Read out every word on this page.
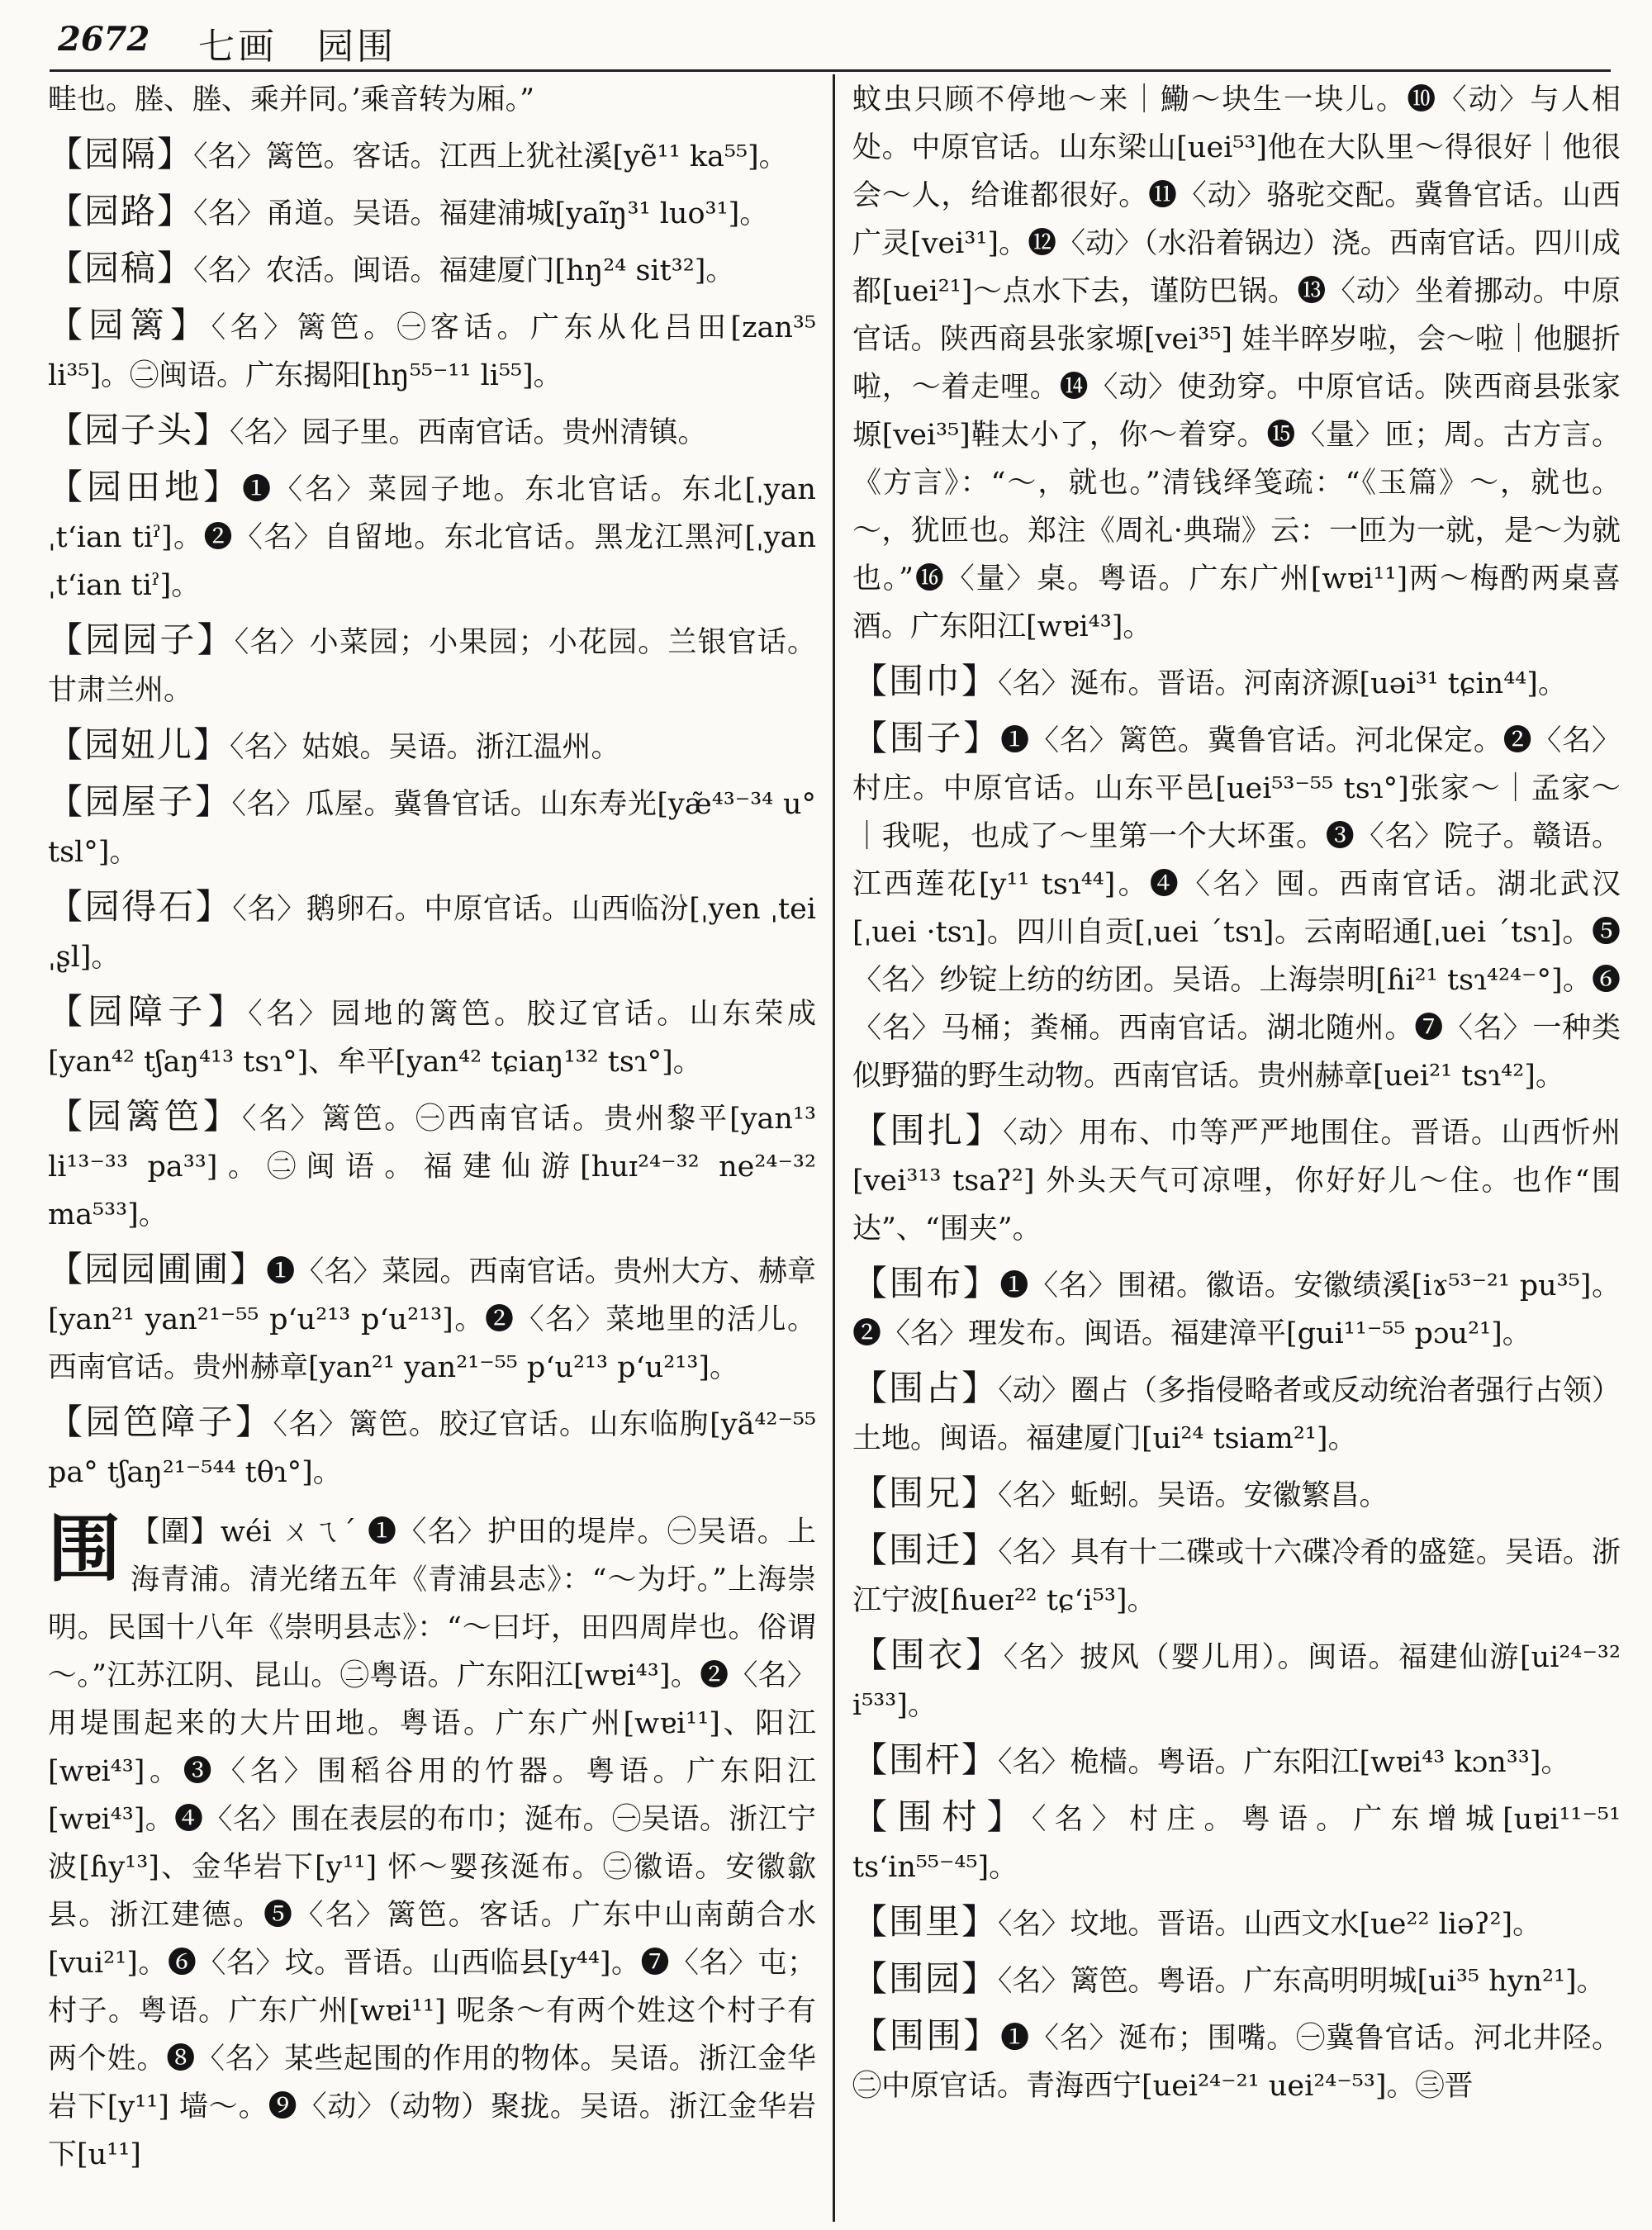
2672 七画　园围
畦也。塍、塍、乘并同。’乘音转为厢。”
【园隔】〈名〉篱笆。客话。江西上犹社溪[yẽ¹¹ ka⁵⁵]。
【园路】〈名〉甬道。吴语。福建浦城[yaĩŋ³¹ luo³¹]。
【园稿】〈名〉农活。闽语。福建厦门[hŋ²⁴ sit³²]。
【园篱】〈名〉篱笆。㊀客话。广东从化吕田[zan³⁵ li³⁵]。㊁闽语。广东揭阳[hŋ⁵⁵⁻¹¹ li⁵⁵]。
【园子头】〈名〉园子里。西南官话。贵州清镇。
【园田地】❶〈名〉菜园子地。东北官话。东北[ˌyan ˌtʻian tiˀ]。❷〈名〉自留地。东北官话。黑龙江黑河[ˌyan ˌtʻian tiˀ]。
【园园子】〈名〉小菜园；小果园；小花园。兰银官话。甘肃兰州。
【园妞儿】〈名〉姑娘。吴语。浙江温州。
【园屋子】〈名〉瓜屋。冀鲁官话。山东寿光[yæ̃⁴³⁻³⁴ u° tsl°]。
【园得石】〈名〉鹅卵石。中原官话。山西临汾[ˌyen ˌtei ˌʂl]。
【园障子】〈名〉园地的篱笆。胶辽官话。山东荣成[yan⁴² tʃaŋ⁴¹³ tsɿ°]、牟平[yan⁴² tɕiaŋ¹³² tsɿ°]。
【园篱笆】〈名〉篱笆。㊀西南官话。贵州黎平[yan¹³ li¹³⁻³³ pa³³]。㊁闽语。福建仙游[huɪ²⁴⁻³² ne²⁴⁻³² ma⁵³³]。
【园园圃圃】❶〈名〉菜园。西南官话。贵州大方、赫章[yan²¹ yan²¹⁻⁵⁵ pʻu²¹³ pʻu²¹³]。❷〈名〉菜地里的活儿。西南官话。贵州赫章[yan²¹ yan²¹⁻⁵⁵ pʻu²¹³ pʻu²¹³]。
【园笆障子】〈名〉篱笆。胶辽官话。山东临朐[yã⁴²⁻⁵⁵ pa° tʃaŋ²¹⁻⁵⁴⁴ tθɿ°]。
围 【圍】wéi ㄨㄟˊ ❶〈名〉护田的堤岸。㊀吴语。上海青浦。清光绪五年《青浦县志》：“～为圩。”上海崇明。民国十八年《崇明县志》：“～曰圩，田四周岸也。俗谓～。”江苏江阴、昆山。㊁粤语。广东阳江[wɐi⁴³]。❷〈名〉用堤围起来的大片田地。粤语。广东广州[wɐi¹¹]、阳江[wɐi⁴³]。❸〈名〉围稻谷用的竹器。粤语。广东阳江[wɐi⁴³]。❹〈名〉围在表层的布巾；涎布。㊀吴语。浙江宁波[ɦy¹³]、金华岩下[y¹¹] 怀～婴孩涎布。㊁徽语。安徽歙县。浙江建德。❺〈名〉篱笆。客话。广东中山南蓢合水[vui²¹]。❻〈名〉坟。晋语。山西临县[y⁴⁴]。❼〈名〉屯；村子。粤语。广东广州[wɐi¹¹] 呢条～有两个姓这个村子有两个姓。❽〈名〉某些起围的作用的物体。吴语。浙江金华岩下[y¹¹] 墙～。❾〈动〉（动物）聚拢。吴语。浙江金华岩下[u¹¹]
蚊虫只顾不停地～来｜鰳～块生一块儿。❿〈动〉与人相处。中原官话。山东梁山[uei⁵³]他在大队里～得很好｜他很会～人，给谁都很好。⓫〈动〉骆驼交配。冀鲁官话。山西广灵[vei³¹]。⓬〈动〉（水沿着锅边）浇。西南官话。四川成都[uei²¹]～点水下去，谨防巴锅。⓭〈动〉坐着挪动。中原官话。陕西商县张家塬[vei³⁵] 娃半晬岁啦，会～啦｜他腿折啦，～着走哩。⓮〈动〉使劲穿。中原官话。陕西商县张家塬[vei³⁵]鞋太小了，你～着穿。⓯〈量〉匝；周。古方言。《方言》：“～，就也。”清钱绎笺疏：“《玉篇》～，就也。～，犹匝也。郑注《周礼·典瑞》云：一匝为一就，是～为就也。”⓰〈量〉桌。粤语。广东广州[wɐi¹¹]两～梅酌两桌喜酒。广东阳江[wɐi⁴³]。
【围巾】〈名〉涎布。晋语。河南济源[uəi³¹ tɕin⁴⁴]。
【围子】❶〈名〉篱笆。冀鲁官话。河北保定。❷〈名〉村庄。中原官话。山东平邑[uei⁵³⁻⁵⁵ tsɿ°]张家～｜孟家～｜我呢，也成了～里第一个大坏蛋。❸〈名〉院子。赣语。江西莲花[y¹¹ tsɿ⁴⁴]。❹〈名〉囤。西南官话。湖北武汉[ˌuei ·tsɿ]。四川自贡[ˌuei ˊtsɿ]。云南昭通[ˌuei ˊtsɿ]。❺〈名〉纱锭上纺的纺团。吴语。上海崇明[ɦi²¹ tsɿ⁴²⁴⁻°]。❻〈名〉马桶；粪桶。西南官话。湖北随州。❼〈名〉一种类似野猫的野生动物。西南官话。贵州赫章[uei²¹ tsɿ⁴²]。
【围扎】〈动〉用布、巾等严严地围住。晋语。山西忻州[vei³¹³ tsaʔ²] 外头天气可凉哩，你好好儿～住。也作“围达”、“围夹”。
【围布】❶〈名〉围裙。徽语。安徽绩溪[iɤ⁵³⁻²¹ pu³⁵]。❷〈名〉理发布。闽语。福建漳平[gui¹¹⁻⁵⁵ pɔu²¹]。
【围占】〈动〉圈占（多指侵略者或反动统治者强行占领）土地。闽语。福建厦门[ui²⁴ tsiam²¹]。
【围兄】〈名〉蚯蚓。吴语。安徽繁昌。
【围迁】〈名〉具有十二碟或十六碟冷肴的盛筵。吴语。浙江宁波[ɦueɪ²² tɕʻi⁵³]。
【围衣】〈名〉披风（婴儿用）。闽语。福建仙游[ui²⁴⁻³² i⁵³³]。
【围杆】〈名〉桅樯。粤语。广东阳江[wɐi⁴³ kɔn³³]。
【围村】〈名〉村庄。粤语。广东增城[uɐi¹¹⁻⁵¹ tsʻin⁵⁵⁻⁴⁵]。
【围里】〈名〉坟地。晋语。山西文水[ue²² liəʔ²]。
【围园】〈名〉篱笆。粤语。广东高明明城[ui³⁵ hyn²¹]。
【围围】❶〈名〉涎布；围嘴。㊀冀鲁官话。河北井陉。㊁中原官话。青海西宁[uei²⁴⁻²¹ uei²⁴⁻⁵³]。㊂晋
